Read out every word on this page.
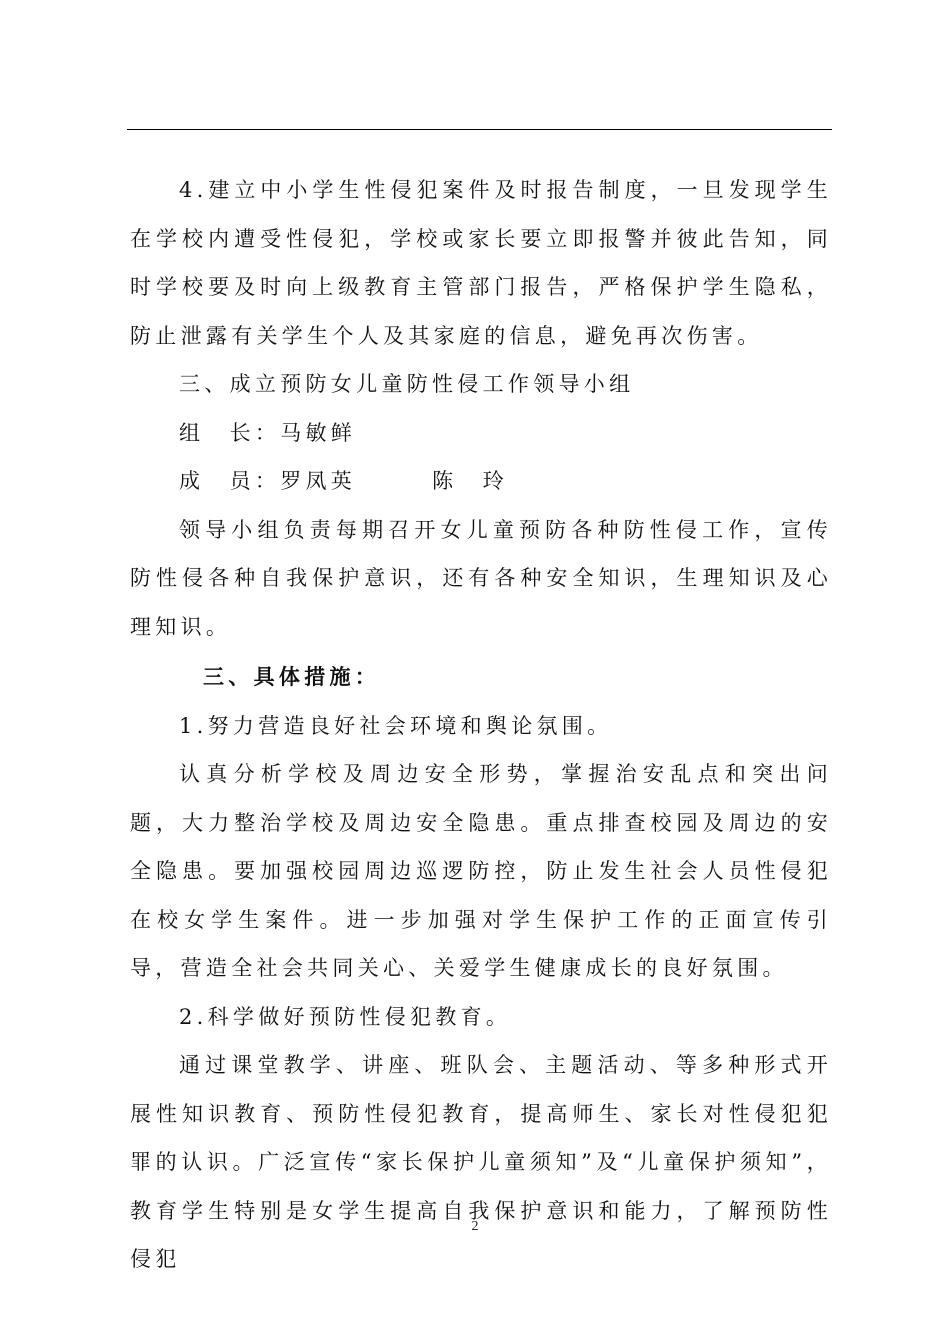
4.建立中小学生性侵犯案件及时报告制度，一旦发现学生在学校内遭受性侵犯，学校或家长要立即报警并彼此告知，同时学校要及时向上级教育主管部门报告，严格保护学生隐私，防止泄露有关学生个人及其家庭的信息，避免再次伤害。

三、成立预防女儿童防性侵工作领导小组

组　长：马敏鲜

成　员：罗凤英	陈　玲

领导小组负责每期召开女儿童预防各种防性侵工作，宣传防性侵各种自我保护意识，还有各种安全知识，生理知识及心理知识。

三、具体措施：

1.努力营造良好社会环境和舆论氛围。

认真分析学校及周边安全形势，掌握治安乱点和突出问题，大力整治学校及周边安全隐患。重点排查校园及周边的安全隐患。要加强校园周边巡逻防控，防止发生社会人员性侵犯在校女学生案件。进一步加强对学生保护工作的正面宣传引导，营造全社会共同关心、关爱学生健康成长的良好氛围。

2.科学做好预防性侵犯教育。

通过课堂教学、讲座、班队会、主题活动、等多种形式开展性知识教育、预防性侵犯教育，提高师生、家长对性侵犯犯罪的认识。广泛宣传“家长保护儿童须知”及“儿童保护须知”，教育学生特别是女学生提高自我保护意识和能力，了解预防性侵犯

2
